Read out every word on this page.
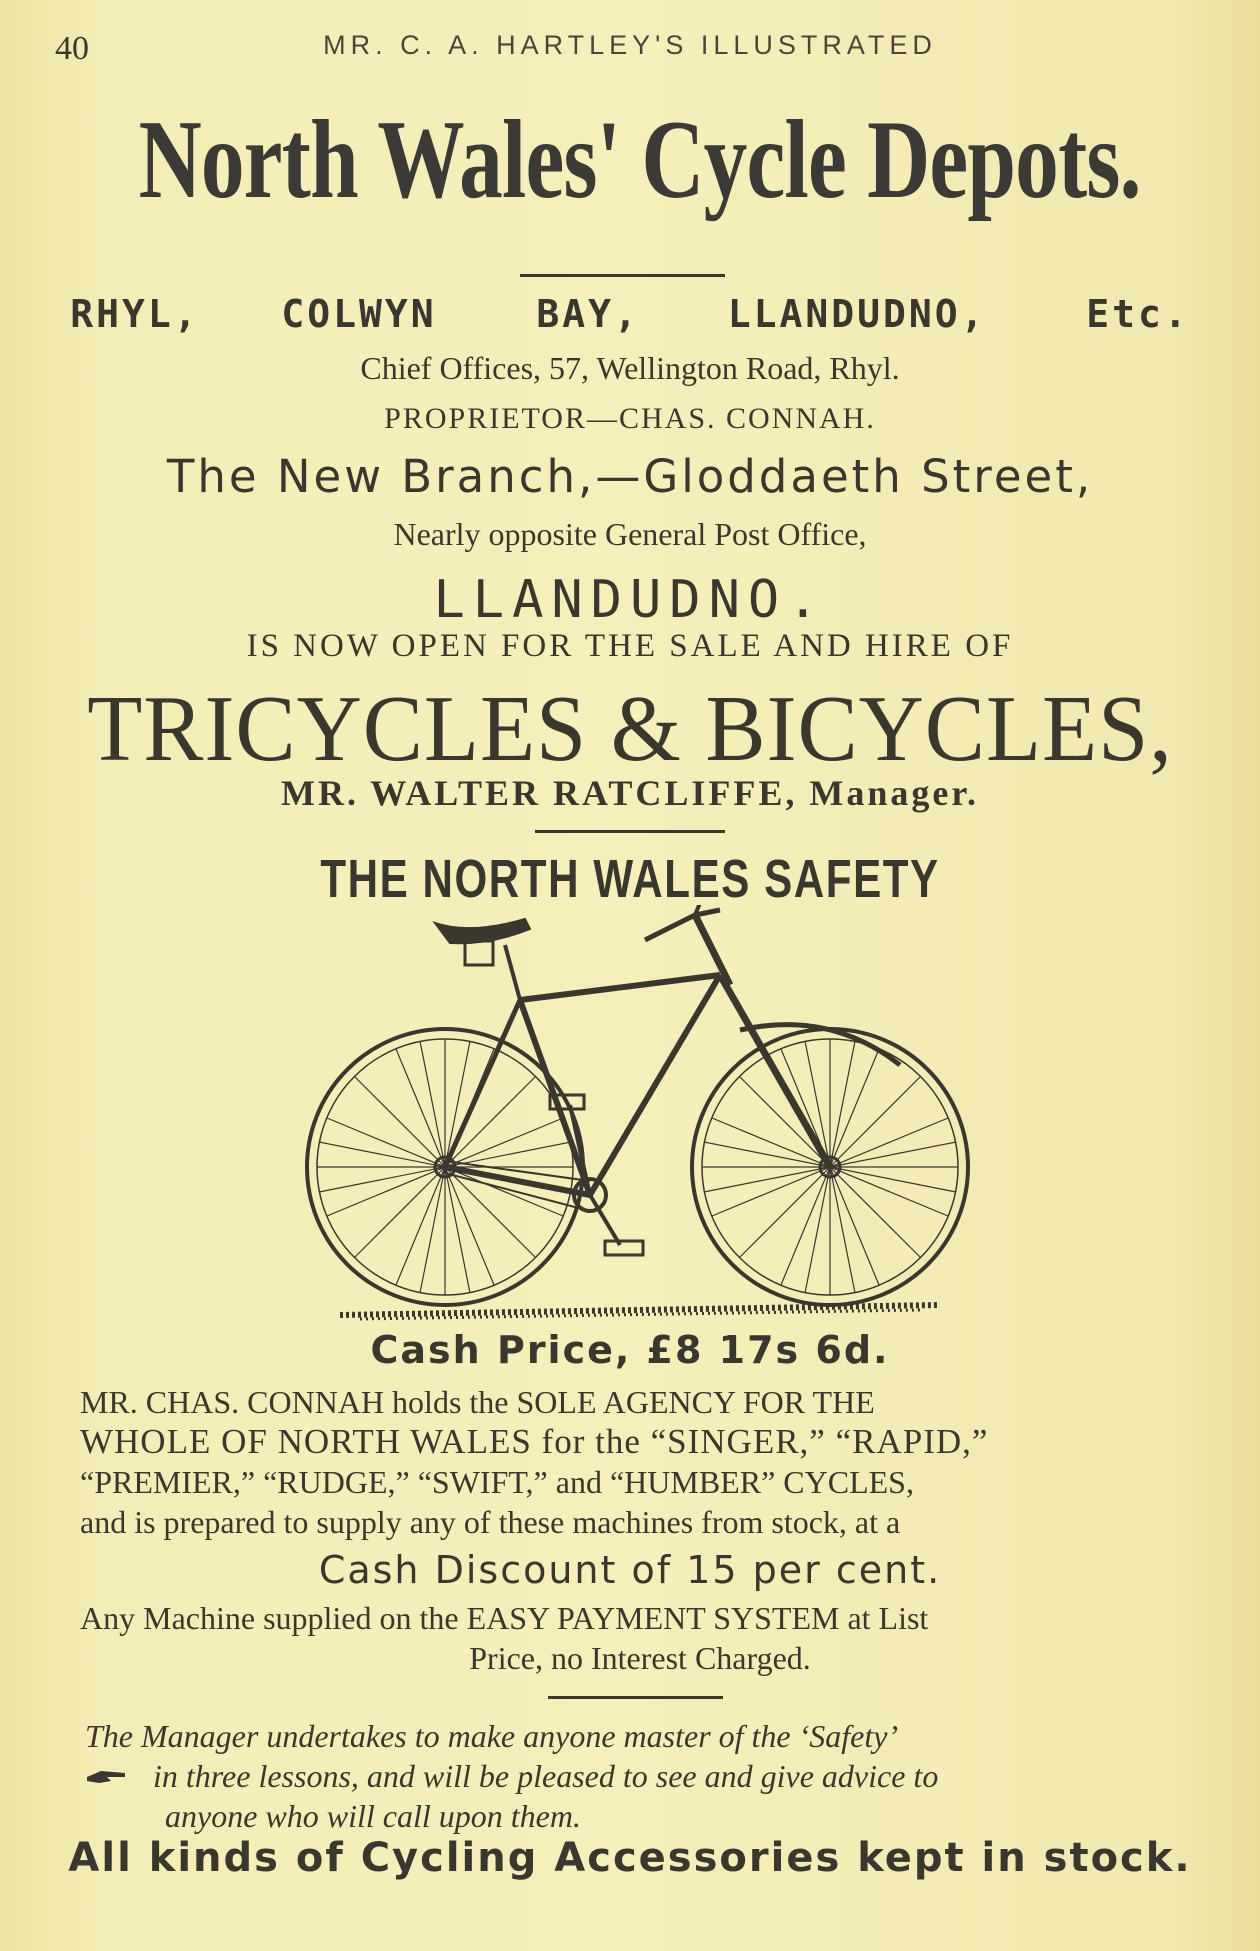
40	MR. C. A. HARTLEY'S ILLUSTRATED
North Wales' Cycle Depots.
RHYL, COLWYN	BAY, LLANDUDNO,	Etc.
Chief Offices, 57, Wellington Road, Rhyl.
PROPRIETOR—CHAS. CONNAH.
The New Branch,—Gloddaeth Street,
Nearly opposite General Post Office,
LLANDUDNO.
IS NOW OPEN FOR THE SALE AND HIRE OF
TRICYCLES & BICYCLES,
MR. WALTER RATCLIFFE, Manager.
THE NORTH WALES SAFETY
Cash Price, £8 17s 6d.
MR. CHAS. CONNAH holds the SOLE AGENCY FOR THE
WHOLE OF NORTH WALES for the “SINGER,” “RAPID,”
“PREMIER,” “RUDGE,” “SWIFT,” and “HUMBER” CYCLES,
and is prepared to supply any of these machines from stock, at a
Cash Discount of 15 per cent.
Any Machine supplied on the EASY PAYMENT SYSTEM at List
Price, no Interest Charged.
The Manager undertakes to make anyone master of the ‘Safety’
in three lessons, and will be pleased to see and give advice to
anyone who will call upon them.
All kinds of Cycling Accessories kept in stock.
